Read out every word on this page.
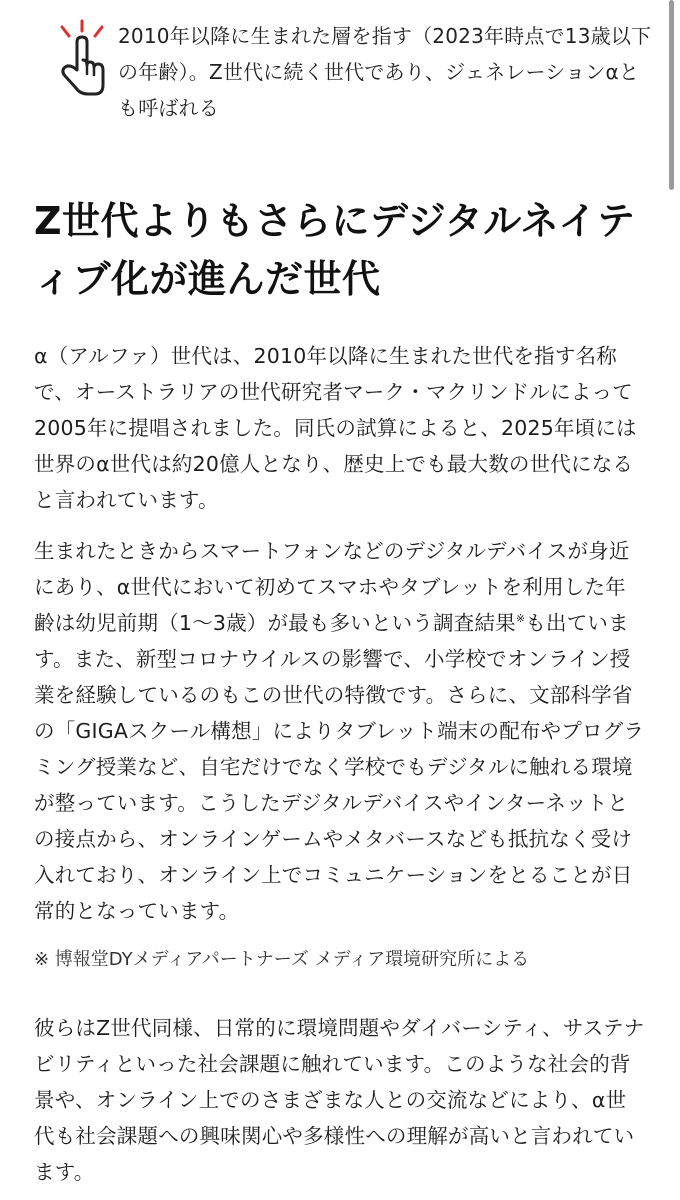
2010年以降に生まれた層を指す（2023年時点で13歳以下の年齢）。Z世代に続く世代であり、ジェネレーションαとも呼ばれる
Z世代よりもさらにデジタルネイティブ化が進んだ世代

α（アルファ）世代は、2010年以降に生まれた世代を指す名称で、オーストラリアの世代研究者マーク・マクリンドルによって2005年に提唱されました。同氏の試算によると、2025年頃には世界のα世代は約20億人となり、歴史上でも最大数の世代になると言われています。

生まれたときからスマートフォンなどのデジタルデバイスが身近にあり、α世代において初めてスマホやタブレットを利用した年齢は幼児前期（1〜3歳）が最も多いという調査結果※も出ています。また、新型コロナウイルスの影響で、小学校でオンライン授業を経験しているのもこの世代の特徴です。さらに、文部科学省の「GIGAスクール構想」によりタブレット端末の配布やプログラミング授業など、自宅だけでなく学校でもデジタルに触れる環境が整っています。こうしたデジタルデバイスやインターネットとの接点から、オンラインゲームやメタバースなども抵抗なく受け入れており、オンライン上でコミュニケーションをとることが日常的となっています。

※ 博報堂DYメディアパートナーズ メディア環境研究所による

彼らはZ世代同様、日常的に環境問題やダイバーシティ、サステナビリティといった社会課題に触れています。このような社会的背景や、オンライン上でのさまざまな人との交流などにより、α世代も社会課題への興味関心や多様性への理解が高いと言われています。
